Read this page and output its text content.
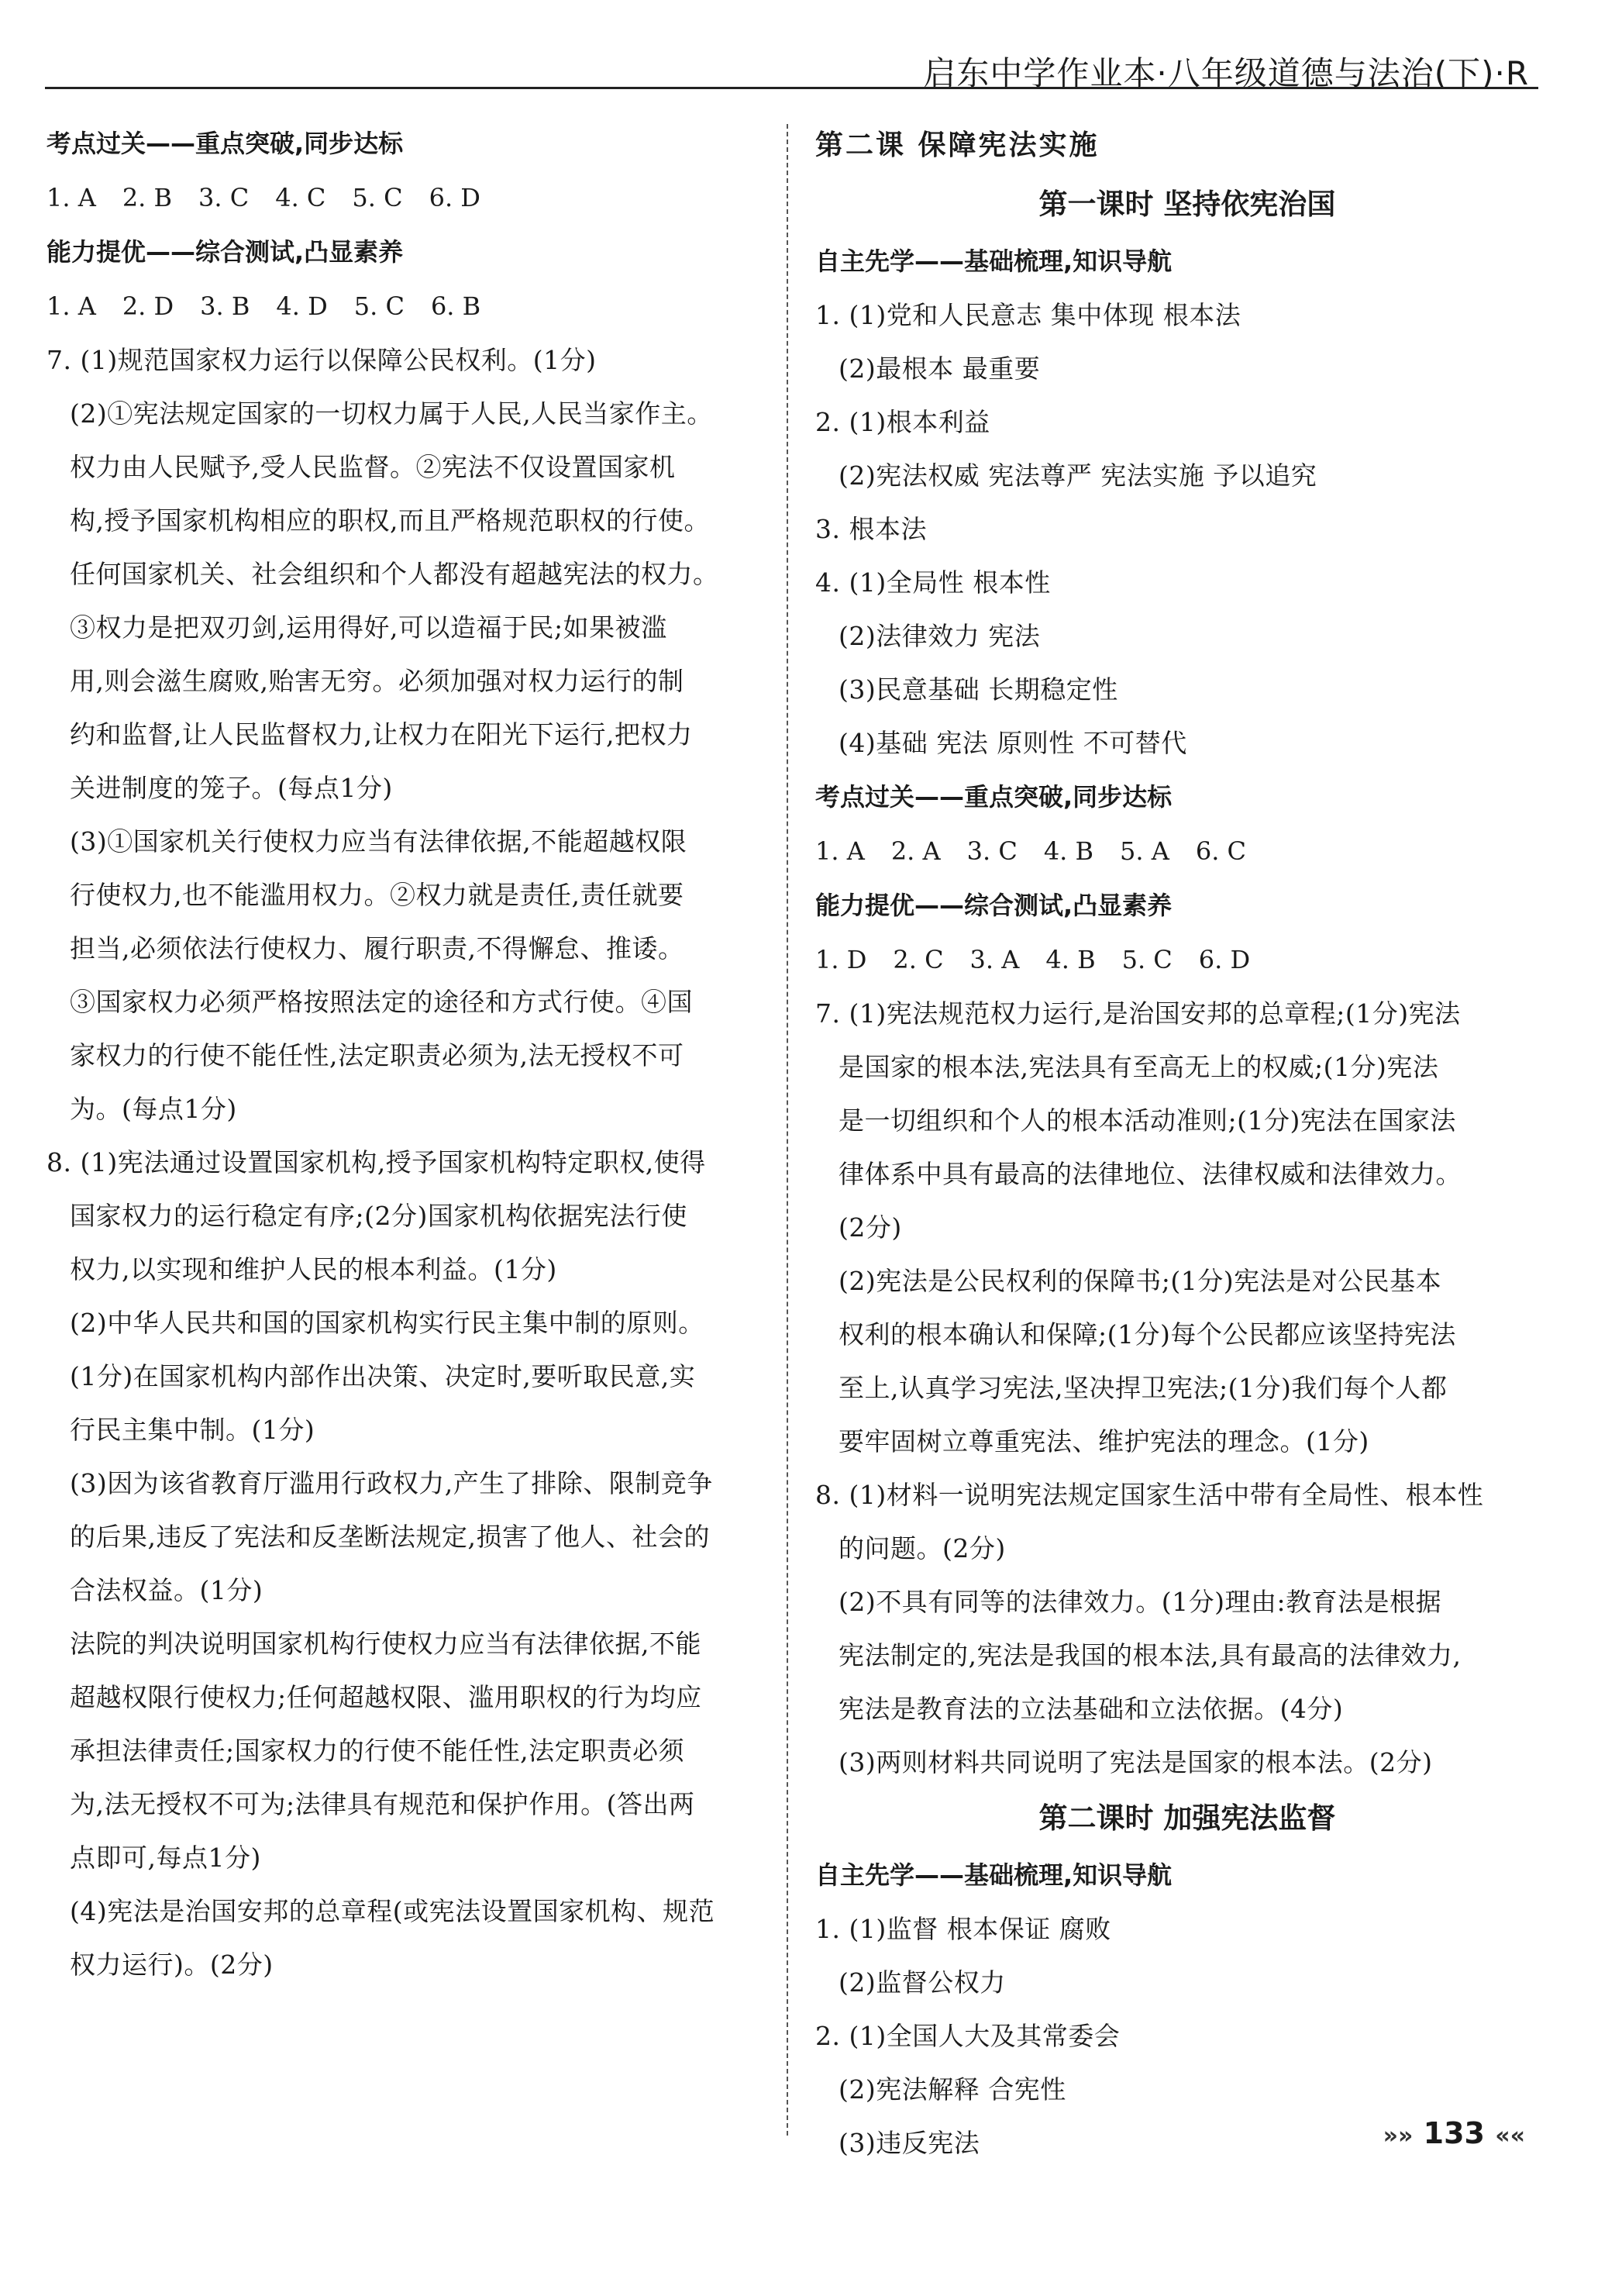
启东中学作业本·八年级道德与法治(下)·R
考点过关——重点突破,同步达标
1. A 2. B 3. C 4. C 5. C 6. D
能力提优——综合测试,凸显素养
1. A 2. D 3. B 4. D 5. C 6. B
7. (1)规范国家权力运行以保障公民权利。(1分)
(2)①宪法规定国家的一切权力属于人民,人民当家作主。
权力由人民赋予,受人民监督。②宪法不仅设置国家机
构,授予国家机构相应的职权,而且严格规范职权的行使。
任何国家机关、社会组织和个人都没有超越宪法的权力。
③权力是把双刃剑,运用得好,可以造福于民;如果被滥
用,则会滋生腐败,贻害无穷。必须加强对权力运行的制
约和监督,让人民监督权力,让权力在阳光下运行,把权力
关进制度的笼子。(每点1分)
(3)①国家机关行使权力应当有法律依据,不能超越权限
行使权力,也不能滥用权力。②权力就是责任,责任就要
担当,必须依法行使权力、履行职责,不得懈怠、推诿。
③国家权力必须严格按照法定的途径和方式行使。④国
家权力的行使不能任性,法定职责必须为,法无授权不可
为。(每点1分)
8. (1)宪法通过设置国家机构,授予国家机构特定职权,使得
国家权力的运行稳定有序;(2分)国家机构依据宪法行使
权力,以实现和维护人民的根本利益。(1分)
(2)中华人民共和国的国家机构实行民主集中制的原则。
(1分)在国家机构内部作出决策、决定时,要听取民意,实
行民主集中制。(1分)
(3)因为该省教育厅滥用行政权力,产生了排除、限制竞争
的后果,违反了宪法和反垄断法规定,损害了他人、社会的
合法权益。(1分)
法院的判决说明国家机构行使权力应当有法律依据,不能
超越权限行使权力;任何超越权限、滥用职权的行为均应
承担法律责任;国家权力的行使不能任性,法定职责必须
为,法无授权不可为;法律具有规范和保护作用。(答出两
点即可,每点1分)
(4)宪法是治国安邦的总章程(或宪法设置国家机构、规范
权力运行)。(2分)
第二课 保障宪法实施
第一课时 坚持依宪治国
自主先学——基础梳理,知识导航
1. (1)党和人民意志 集中体现 根本法
(2)最根本 最重要
2. (1)根本利益
(2)宪法权威 宪法尊严 宪法实施 予以追究
3. 根本法
4. (1)全局性 根本性
(2)法律效力 宪法
(3)民意基础 长期稳定性
(4)基础 宪法 原则性 不可替代
考点过关——重点突破,同步达标
1. A 2. A 3. C 4. B 5. A 6. C
能力提优——综合测试,凸显素养
1. D 2. C 3. A 4. B 5. C 6. D
7. (1)宪法规范权力运行,是治国安邦的总章程;(1分)宪法
是国家的根本法,宪法具有至高无上的权威;(1分)宪法
是一切组织和个人的根本活动准则;(1分)宪法在国家法
律体系中具有最高的法律地位、法律权威和法律效力。
(2分)
(2)宪法是公民权利的保障书;(1分)宪法是对公民基本
权利的根本确认和保障;(1分)每个公民都应该坚持宪法
至上,认真学习宪法,坚决捍卫宪法;(1分)我们每个人都
要牢固树立尊重宪法、维护宪法的理念。(1分)
8. (1)材料一说明宪法规定国家生活中带有全局性、根本性
的问题。(2分)
(2)不具有同等的法律效力。(1分)理由:教育法是根据
宪法制定的,宪法是我国的根本法,具有最高的法律效力,
宪法是教育法的立法基础和立法依据。(4分)
(3)两则材料共同说明了宪法是国家的根本法。(2分)
第二课时 加强宪法监督
自主先学——基础梳理,知识导航
1. (1)监督 根本保证 腐败
(2)监督公权力
2. (1)全国人大及其常委会
(2)宪法解释 合宪性
(3)违反宪法	»» 133 ««
